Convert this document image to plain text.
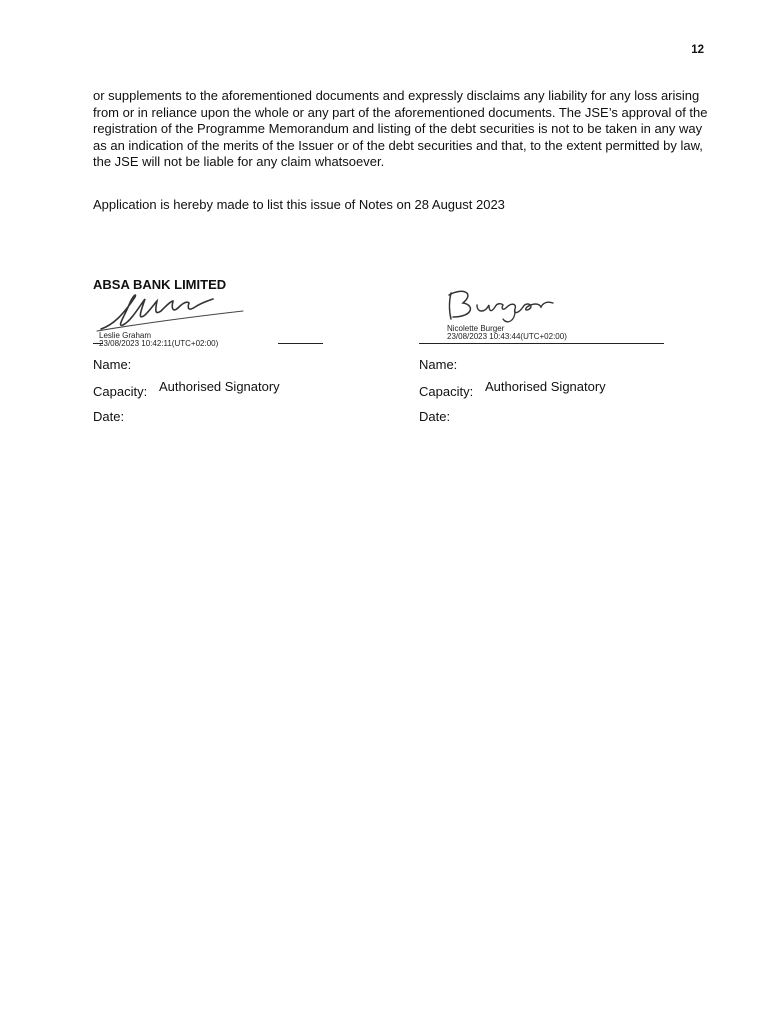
12

or supplements to the aforementioned documents and expressly disclaims any liability for any loss arising from or in reliance upon the whole or any part of the aforementioned documents. The JSE’s approval of the registration of the Programme Memorandum and listing of the debt securities is not to be taken in any way as an indication of the merits of the Issuer or of the debt securities and that, to the extent permitted by law, the JSE will not be liable for any claim whatsoever.

Application is hereby made to list this issue of Notes on 28 August 2023

ABSA BANK LIMITED

Leslie Graham
23/08/2023 10:42:11(UTC+02:00)
Name:
Capacity: Authorised Signatory
Date:
Nicolette Burger
23/08/2023 10:43:44(UTC+02:00)
Name:
Capacity: Authorised Signatory
Date:
